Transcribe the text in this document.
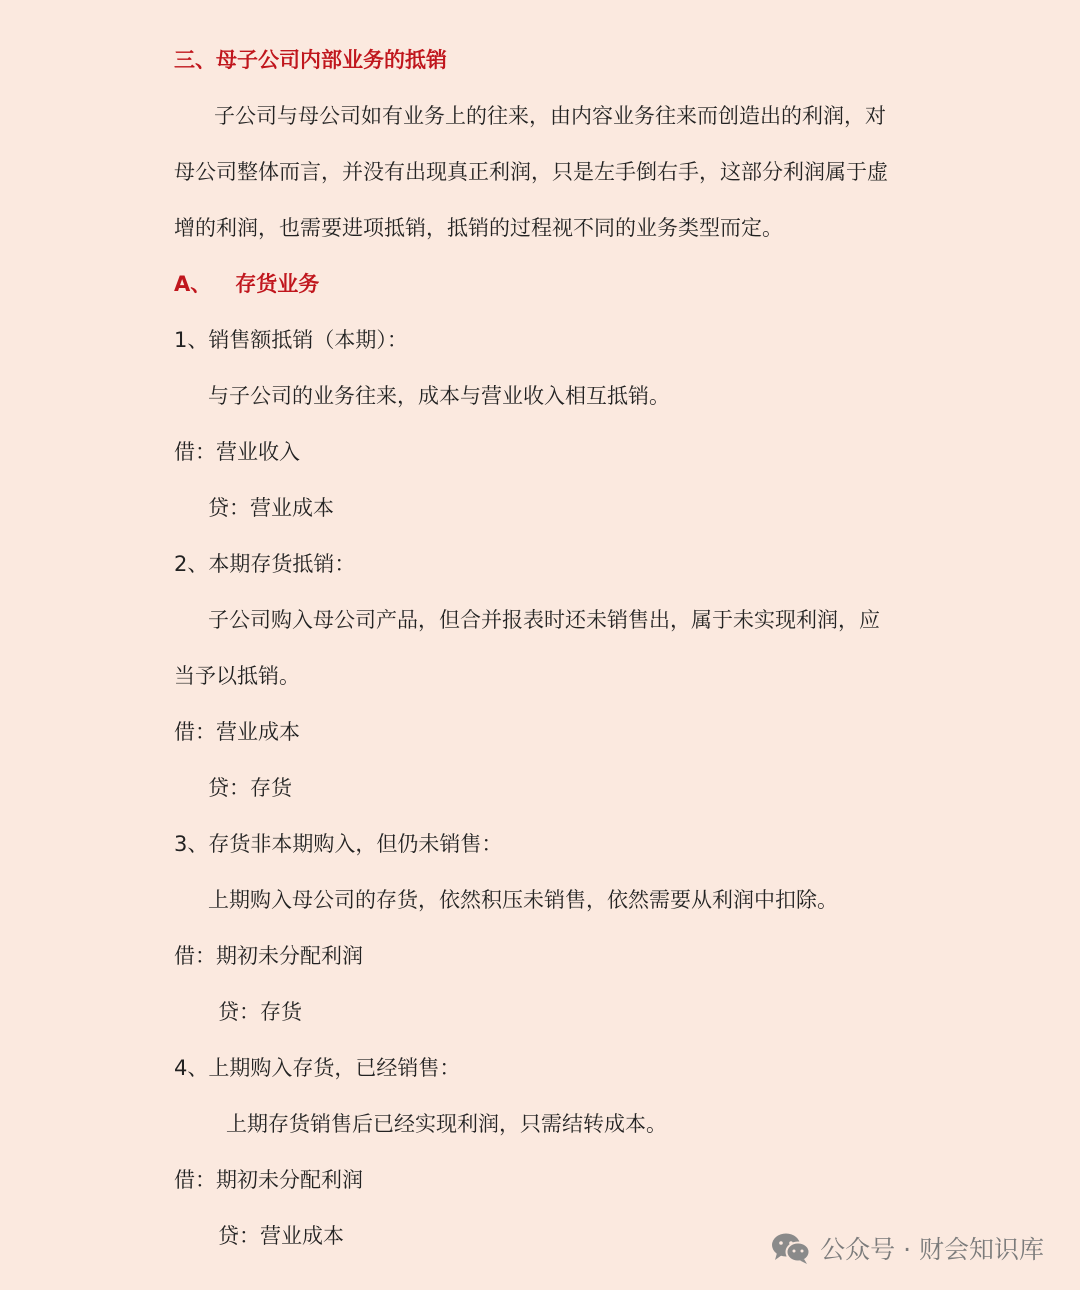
三、母子公司内部业务的抵销
子公司与母公司如有业务上的往来，由内容业务往来而创造出的利润，对
母公司整体而言，并没有出现真正利润，只是左手倒右手，这部分利润属于虚
增的利润，也需要进项抵销，抵销的过程视不同的业务类型而定。
A、 存货业务
1、销售额抵销（本期）：
与子公司的业务往来，成本与营业收入相互抵销。
借：营业收入
贷：营业成本
2、本期存货抵销：
子公司购入母公司产品，但合并报表时还未销售出，属于未实现利润，应
当予以抵销。
借：营业成本
贷：存货
3、存货非本期购入，但仍未销售：
上期购入母公司的存货，依然积压未销售，依然需要从利润中扣除。
借：期初未分配利润
贷：存货
4、上期购入存货，已经销售：
上期存货销售后已经实现利润，只需结转成本。
借：期初未分配利润
贷：营业成本	公众号 · 财会知识库
